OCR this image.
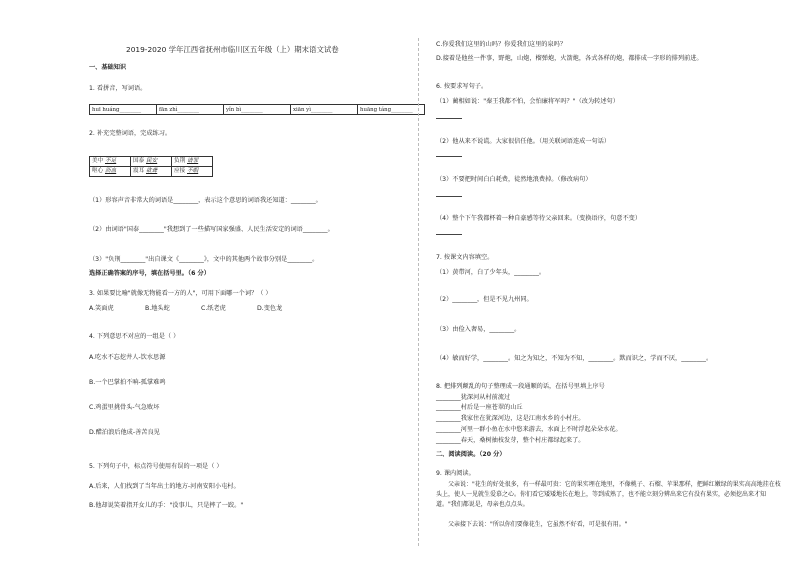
2019-2020 学年江西省抚州市临川区五年级（上）期末语文试卷
一、基础知识
1. 看拼音，写词语。
huī huáng________	fān zhì________	yǐn bì________	xiān yì________	huāng táng________
2. 补充完整词语，完成练习。
美中 不足	国泰 民安	负荆 请罪
呕心 沥血	震耳 欲聋	应接 不暇
（1）形容声音非常大的词语是________，表示这个意思的词语我还知道：________。
（2）由词语"国泰________"我想到了一些描写国家强盛、人民生活安定的词语________。
（3）"负荆________"出自课文《________》，文中的其他两个故事分别是________。
选择正确答案的序号，填在括号里。（6 分）
3. 如果要比喻"就像无物能看一方的人"，可用下面哪一个词？（ ）
A.笑面虎	B.地头蛇	C.纸老虎	D.变色龙
4. 下列意思不对应的一组是（ ）
A.吃水不忘挖井人-饮水思源
B.一个巴掌拍不响-孤掌难鸣
C.鸡蛋里挑骨头-气急败坏
D.醋泊浪后他成-善苦良见
5. 下列句子中，标点符号使用有误的一项是（ ）
A.后来，人们找到了当年出土的地方-河南安阳小屯村。
B.他却说笑着指开女儿的手："没事儿，只是摔了一跤。"
C.你爱我们这里的山吗？你爱我们这里的泉吗？
D.接着是他丝一件事，野炮，山炮，榴弹炮，火箭炮，各式各样的炮，都排成一字形的排列前进。
6. 按要求写句子。
（1）蔺相如说："秦王我都不怕，会怕廉将军吗？"（改为转述句）
（2）他从来不说谎。大家很信任他。（用关联词语连成一句话）
（3）不要把时间白白耗费，徒然地浪费掉。（修改病句）
（4）整个下午我都杯着一种自豪感等待父亲回来。（变换语序，句意不变）
7. 按课文内容填空。
（1）黄带河，白了少年头，________。
（2）________，但是不见九州同。
（3）由俭入奢易，________。
（4）敏而好学，________。知之为知之，不知为不知，________。默而识之，学而不厌，________。
8. 把排列颠乱的句子整理成一段通顺的话，在括号里填上序号
________犹深河从村前流过
________村后是一座苍翠的山丘
________我家住在犹深河边，这是江南水乡的小村庄。
________河里一群小鱼在水中悠来游去，水面上不时浮起朵朵水花。
________春天，桑树抽枝发芽，整个村庄都绿起来了。
二、阅读阅读。（20 分）
9. 课内阅读。
父亲说："花生的好处很多，有一样最可贵：它的果实埋在地里，不像桃子、石榴、苹果那样，把鲜红嫩绿的果实高高地挂在枝头上，使人一见就生爱慕之心。你们看它矮矮地长在地上，等到成熟了，也不能立刻分辨出来它有没有果实，必须挖出来才知道。"我们都说是，母亲也点点头。
父亲接下去说："所以你们要像花生，它虽然不好看，可是很有用。"
